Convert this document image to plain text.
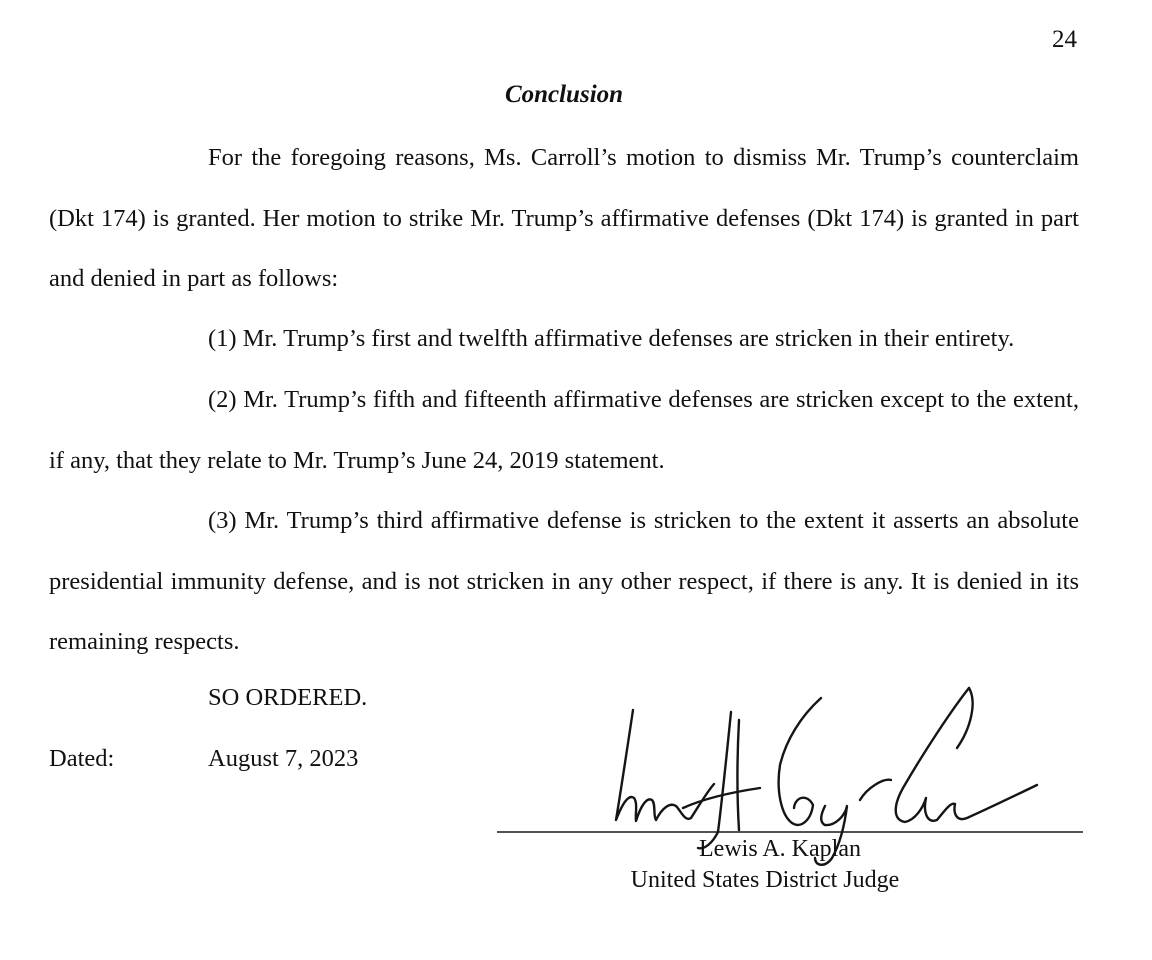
24
Conclusion

For the foregoing reasons, Ms. Carroll’s motion to dismiss Mr. Trump’s counterclaim (Dkt 174) is granted. Her motion to strike Mr. Trump’s affirmative defenses (Dkt 174) is granted in part and denied in part as follows:

(1) Mr. Trump’s first and twelfth affirmative defenses are stricken in their entirety.

(2) Mr. Trump’s fifth and fifteenth affirmative defenses are stricken except to the extent, if any, that they relate to Mr. Trump’s June 24, 2019 statement.

(3) Mr. Trump’s third affirmative defense is stricken to the extent it asserts an absolute presidential immunity defense, and is not stricken in any other respect, if there is any. It is denied in its remaining respects.

SO ORDERED.
Dated:	August 7, 2023
Lewis A. Kaplan
United States District Judge
